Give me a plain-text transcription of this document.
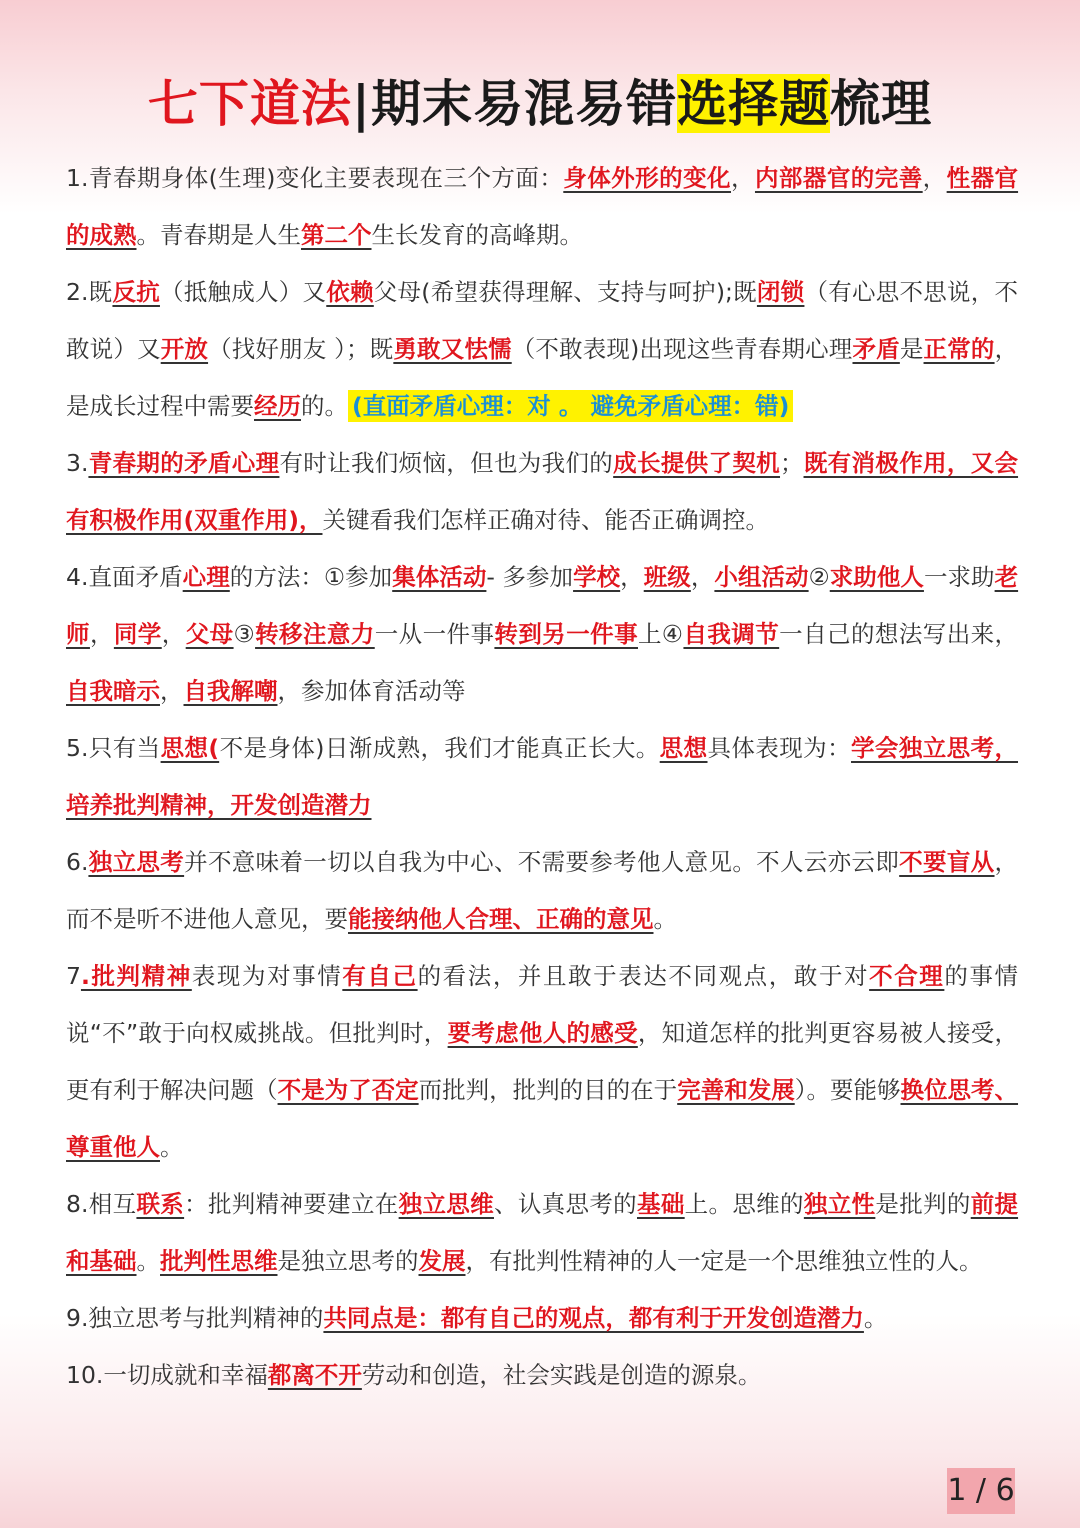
七下道法|期末易混易错选择题梳理

1.青春期身体(生理)变化主要表现在三个方面：身体外形的变化，内部器官的完善，性器官的成熟。青春期是人生第二个生长发育的高峰期。

2.既反抗（抵触成人）又依赖父母(希望获得理解、支持与呵护);既闭锁（有心思不思说，不敢说）又开放（找好朋友 ）；既勇敢又怯懦（不敢表现)出现这些青春期心理矛盾是正常的，是成长过程中需要经历的。 (直面矛盾心理：对 。 避免矛盾心理：错)

3.青春期的矛盾心理有时让我们烦恼，但也为我们的成长提供了契机；既有消极作用，又会有积极作用(双重作用)，关键看我们怎样正确对待、能否正确调控。

4.直面矛盾心理的方法：①参加集体活动- 多参加学校，班级，小组活动②求助他人一求助老师，同学，父母③转移注意力一从一件事转到另一件事上④自我调节一自己的想法写出来，自我暗示，自我解嘲，参加体育活动等

5.只有当思想(不是身体)日渐成熟，我们才能真正长大。思想具体表现为：学会独立思考，培养批判精神，开发创造潜力

6.独立思考并不意味着一切以自我为中心、不需要参考他人意见。不人云亦云即不要盲从，而不是听不进他人意见，要能接纳他人合理、正确的意见。

7.批判精神表现为对事情有自己的看法，并且敢于表达不同观点，敢于对不合理的事情说“不”敢于向权威挑战。但批判时，要考虑他人的感受，知道怎样的批判更容易被人接受，更有利于解决问题（不是为了否定而批判，批判的目的在于完善和发展）。要能够换位思考、尊重他人。

8.相互联系：批判精神要建立在独立思维、认真思考的基础上。思维的独立性是批判的前提和基础。批判性思维是独立思考的发展，有批判性精神的人一定是一个思维独立性的人。

9.独立思考与批判精神的共同点是：都有自己的观点，都有利于开发创造潜力。

10.一切成就和幸福都离不开劳动和创造，社会实践是创造的源泉。

1 / 6
